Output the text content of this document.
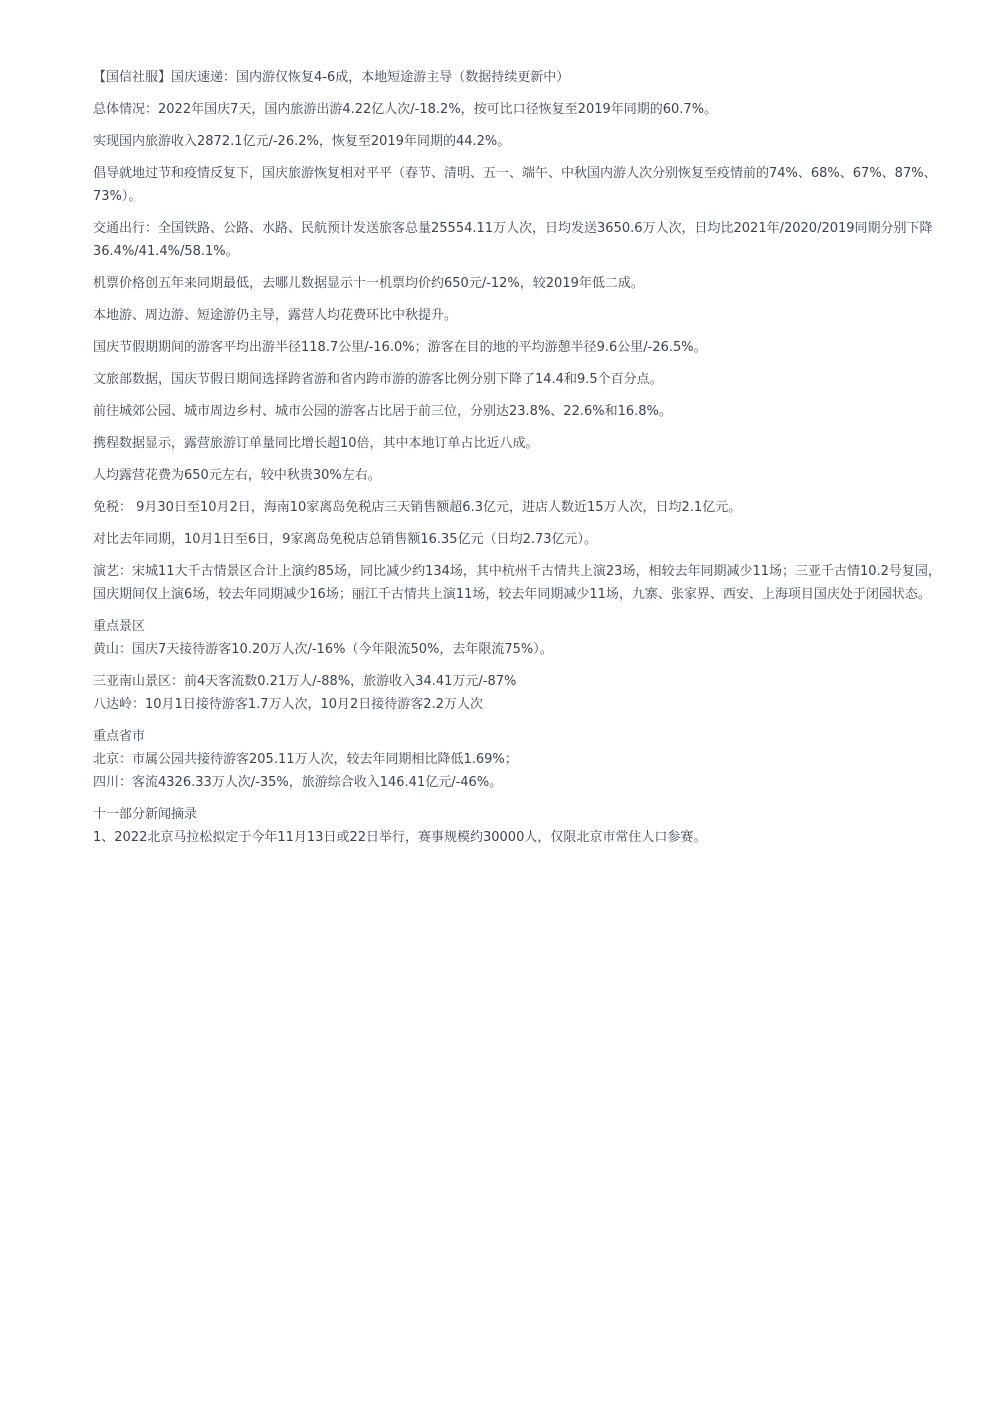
【国信社服】国庆速递：国内游仅恢复4-6成，本地短途游主导（数据持续更新中）

总体情况：2022年国庆7天，国内旅游出游4.22亿人次/-18.2%，按可比口径恢复至2019年同期的60.7%。

实现国内旅游收入2872.1亿元/-26.2%，恢复至2019年同期的44.2%。

倡导就地过节和疫情反复下，国庆旅游恢复相对平平（春节、清明、五一、端午、中秋国内游人次分别恢复至疫情前的74%、68%、67%、87%、73%）。

交通出行：全国铁路、公路、水路、民航预计发送旅客总量25554.11万人次，日均发送3650.6万人次，日均比2021年/2020/2019同期分别下降36.4%/41.4%/58.1%。

机票价格创五年来同期最低，去哪儿数据显示十一机票均价约650元/-12%，较2019年低二成。

本地游、周边游、短途游仍主导，露营人均花费环比中秋提升。

国庆节假期期间的游客平均出游半径118.7公里/-16.0%；游客在目的地的平均游憩半径9.6公里/-26.5%。

文旅部数据，国庆节假日期间选择跨省游和省内跨市游的游客比例分别下降了14.4和9.5个百分点。

前往城郊公园、城市周边乡村、城市公园的游客占比居于前三位，分别达23.8%、22.6%和16.8%。

携程数据显示，露营旅游订单量同比增长超10倍，其中本地订单占比近八成。

人均露营花费为650元左右，较中秋贵30%左右。

免税： 9月30日至10月2日，海南10家离岛免税店三天销售额超6.3亿元，进店人数近15万人次，日均2.1亿元。

对比去年同期，10月1日至6日，9家离岛免税店总销售额16.35亿元（日均2.73亿元）。

演艺：宋城11大千古情景区合计上演约85场，同比减少约134场，其中杭州千古情共上演23场，相较去年同期减少11场；三亚千古情10.2号复园，国庆期间仅上演6场，较去年同期减少16场；丽江千古情共上演11场，较去年同期减少11场，九寨、张家界、西安、上海项目国庆处于闭园状态。

重点景区

黄山：国庆7天接待游客10.20万人次/-16%（今年限流50%，去年限流75%）。

三亚南山景区：前4天客流数0.21万人/-88%，旅游收入34.41万元/-87%

八达岭：10月1日接待游客1.7万人次，10月2日接待游客2.2万人次

重点省市

北京：市属公园共接待游客205.11万人次，较去年同期相比降低1.69%；

四川：客流4326.33万人次/-35%，旅游综合收入146.41亿元/-46%。

十一部分新闻摘录

1、2022北京马拉松拟定于今年11月13日或22日举行，赛事规模约30000人，仅限北京市常住人口参赛。
